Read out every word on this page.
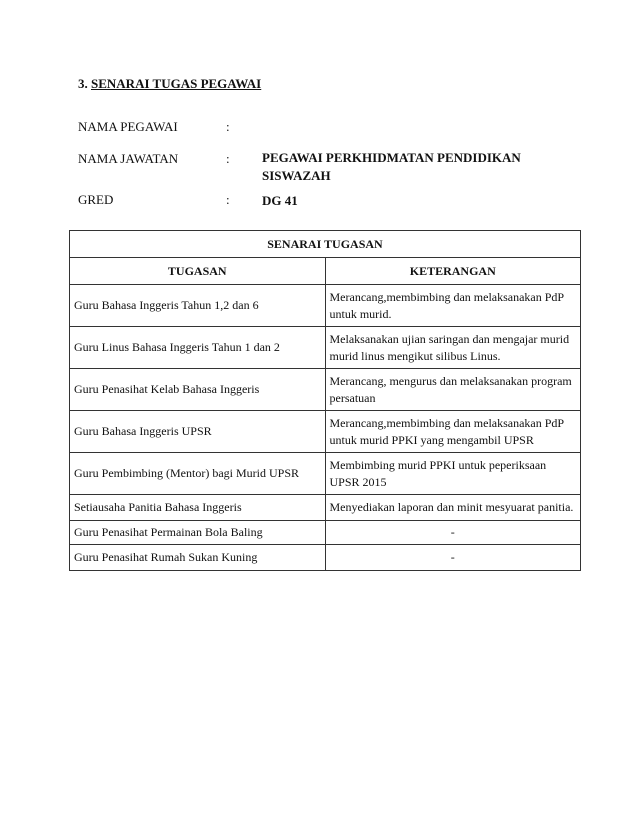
3. SENARAI TUGAS PEGAWAI
NAMA PEGAWAI	:
NAMA JAWATAN	: PEGAWAI PERKHIDMATAN PENDIDIKAN SISWAZAH
GRED	: DG 41
SENARAI TUGASAN	
TUGASAN	KETERANGAN
Guru Bahasa Inggeris Tahun 1,2 dan 6	Merancang,membimbing dan melaksanakan PdP untuk murid.
Guru Linus Bahasa Inggeris Tahun 1 dan 2	Melaksanakan ujian saringan dan mengajar murid murid linus mengikut silibus Linus.
Guru Penasihat Kelab Bahasa Inggeris	Merancang, mengurus dan melaksanakan program persatuan
Guru Bahasa Inggeris UPSR	Merancang,membimbing dan melaksanakan PdP untuk murid PPKI yang mengambil UPSR
Guru Pembimbing (Mentor) bagi Murid UPSR	Membimbing murid PPKI untuk peperiksaan UPSR 2015
Setiausaha Panitia Bahasa Inggeris	Menyediakan laporan dan minit mesyuarat panitia.
Guru Penasihat Permainan Bola Baling	-
Guru Penasihat Rumah Sukan Kuning	-
